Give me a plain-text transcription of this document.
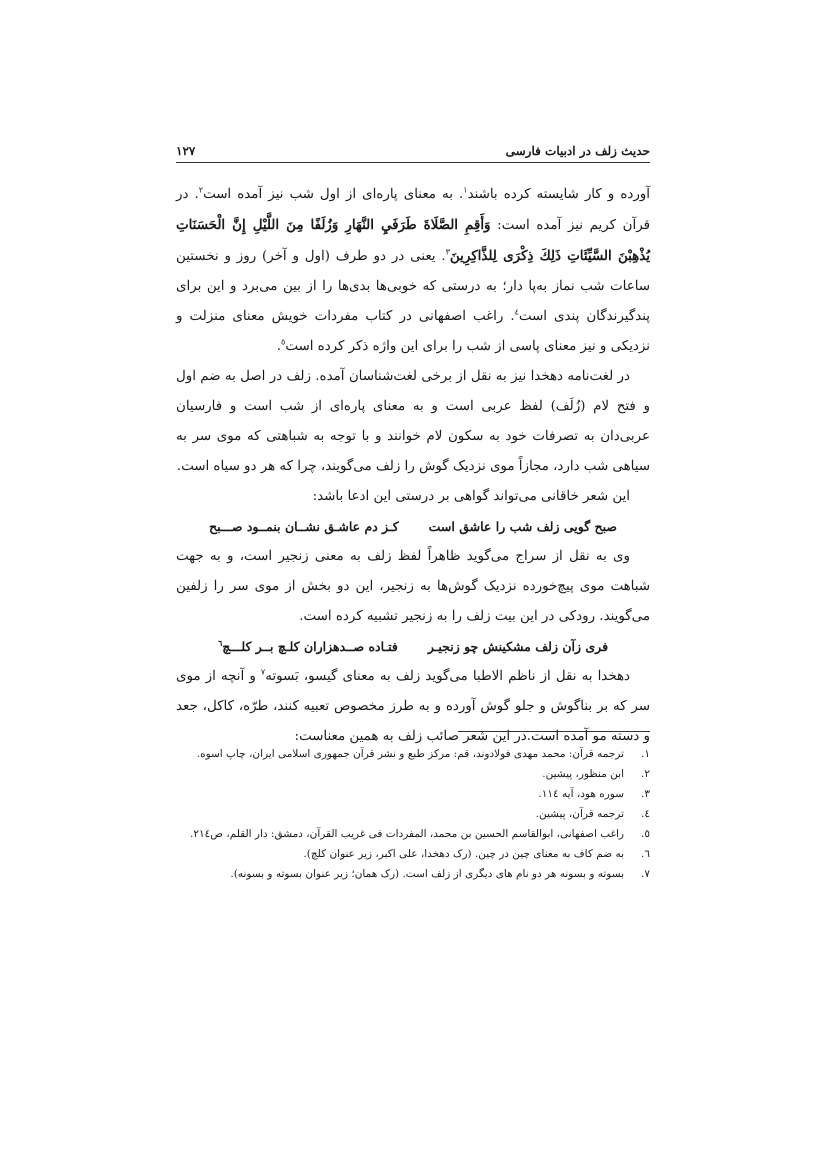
حدیث زلف در ادبیات فارسی
۱۲۷

آورده و کار شایسته کرده باشند$^۱$. به معنای پاره‌ای از اول شب نیز آمده است$^۲$. در قرآن کریم نیز آمده است: وَأَقِمِ الصَّلَاةَ طَرَفَيِ النَّهَارِ وَزُلَفًا مِنَ اللَّيْلِ إِنَّ الْحَسَنَاتِ يُذْهِبْنَ السَّيِّئَاتِ ذَلِكَ ذِكْرَى لِلذَّاكِرِينَ$^۳$. یعنی در دو طرف (اول و آخر) روز و نخستین ساعات شب نماز به‌پا دار؛ به درستی که خوبی‌ها بدی‌ها را از بین می‌برد و این برای پندگیرندگان پندی است$^٤$. راغب اصفهانی در کتاب مفردات خویش معنای منزلت و نزدیکی و نیز معنای پاسی از شب را برای این واژه ذکر کرده است$^٥$.

در لغت‌نامه دهخدا نیز به نقل از برخی لغت‌شناسان آمده. زلف در اصل به ضم اول و فتح لام (زُلَف) لفظ عربی است و به معنای پاره‌ای از شب است و فارسیان عربی‌دان به تصرفات خود به سکون لام خوانند و با توجه به شباهتی که موی سر به سیاهی شب دارد، مجازاً موی نزدیک گوش را زلف می‌گویند، چرا که هر دو سیاه است.

این شعر خاقانی می‌تواند گواهی بر درستی این ادعا باشد:

صبح گویی زلف شب را عاشق است
کـز دم عاشـق نشــان بنمــود صـــبح

وی به نقل از سراج می‌گوید ظاهراً لفظ زلف به معنی زنجیر است، و به جهت شباهت موی پیچ‌خورده نزدیک گوش‌ها به زنجیر، این دو بخش از موی سر را زلفین می‌گویند. رودکی در این بیت زلف را به زنجیر تشبیه کرده است.

فری زآن زلف مشکینش چو زنجیـر
فتـاده صــدهزاران کلـچ بــر کلـــچ$^٦$

دهخدا به نقل از ناظم الاطبا می‌گوید زلف به معنای گیسو، بَسوته$^۷$ و آنچه از موی سر که بر بناگوش و جلو گوش آورده و به طرز مخصوص تعبیه کنند، طرّه، کاکل، جعد و دسته مو آمده است.در این شعر صائب زلف به همین معناست:

۱.
ترجمه قرآن: محمد مهدی فولادوند، قم: مرکز طبع و نشر قرآن جمهوری اسلامی ایران، چاپ اسوه.
۲.
ابن منظور، پیشین.
۳.
سوره هود، آیه ١١٤.
٤.
ترجمه قرآن، پیشین.
٥.
راغب اصفهانی، ابوالقاسم الحسین بن محمد، المفردات فی غریب القرآن، دمشق: دار القلم، ص٢١٤.
٦.
به ضم کاف به معنای چین در چین. (رک دهخدا، علی اکبر، زیر عنوان کلچ).
٧.
بسوته و بسونه هر دو نام های دیگری از زلف است. (رک همان؛ زیر عنوان بسوته و بسونه).
